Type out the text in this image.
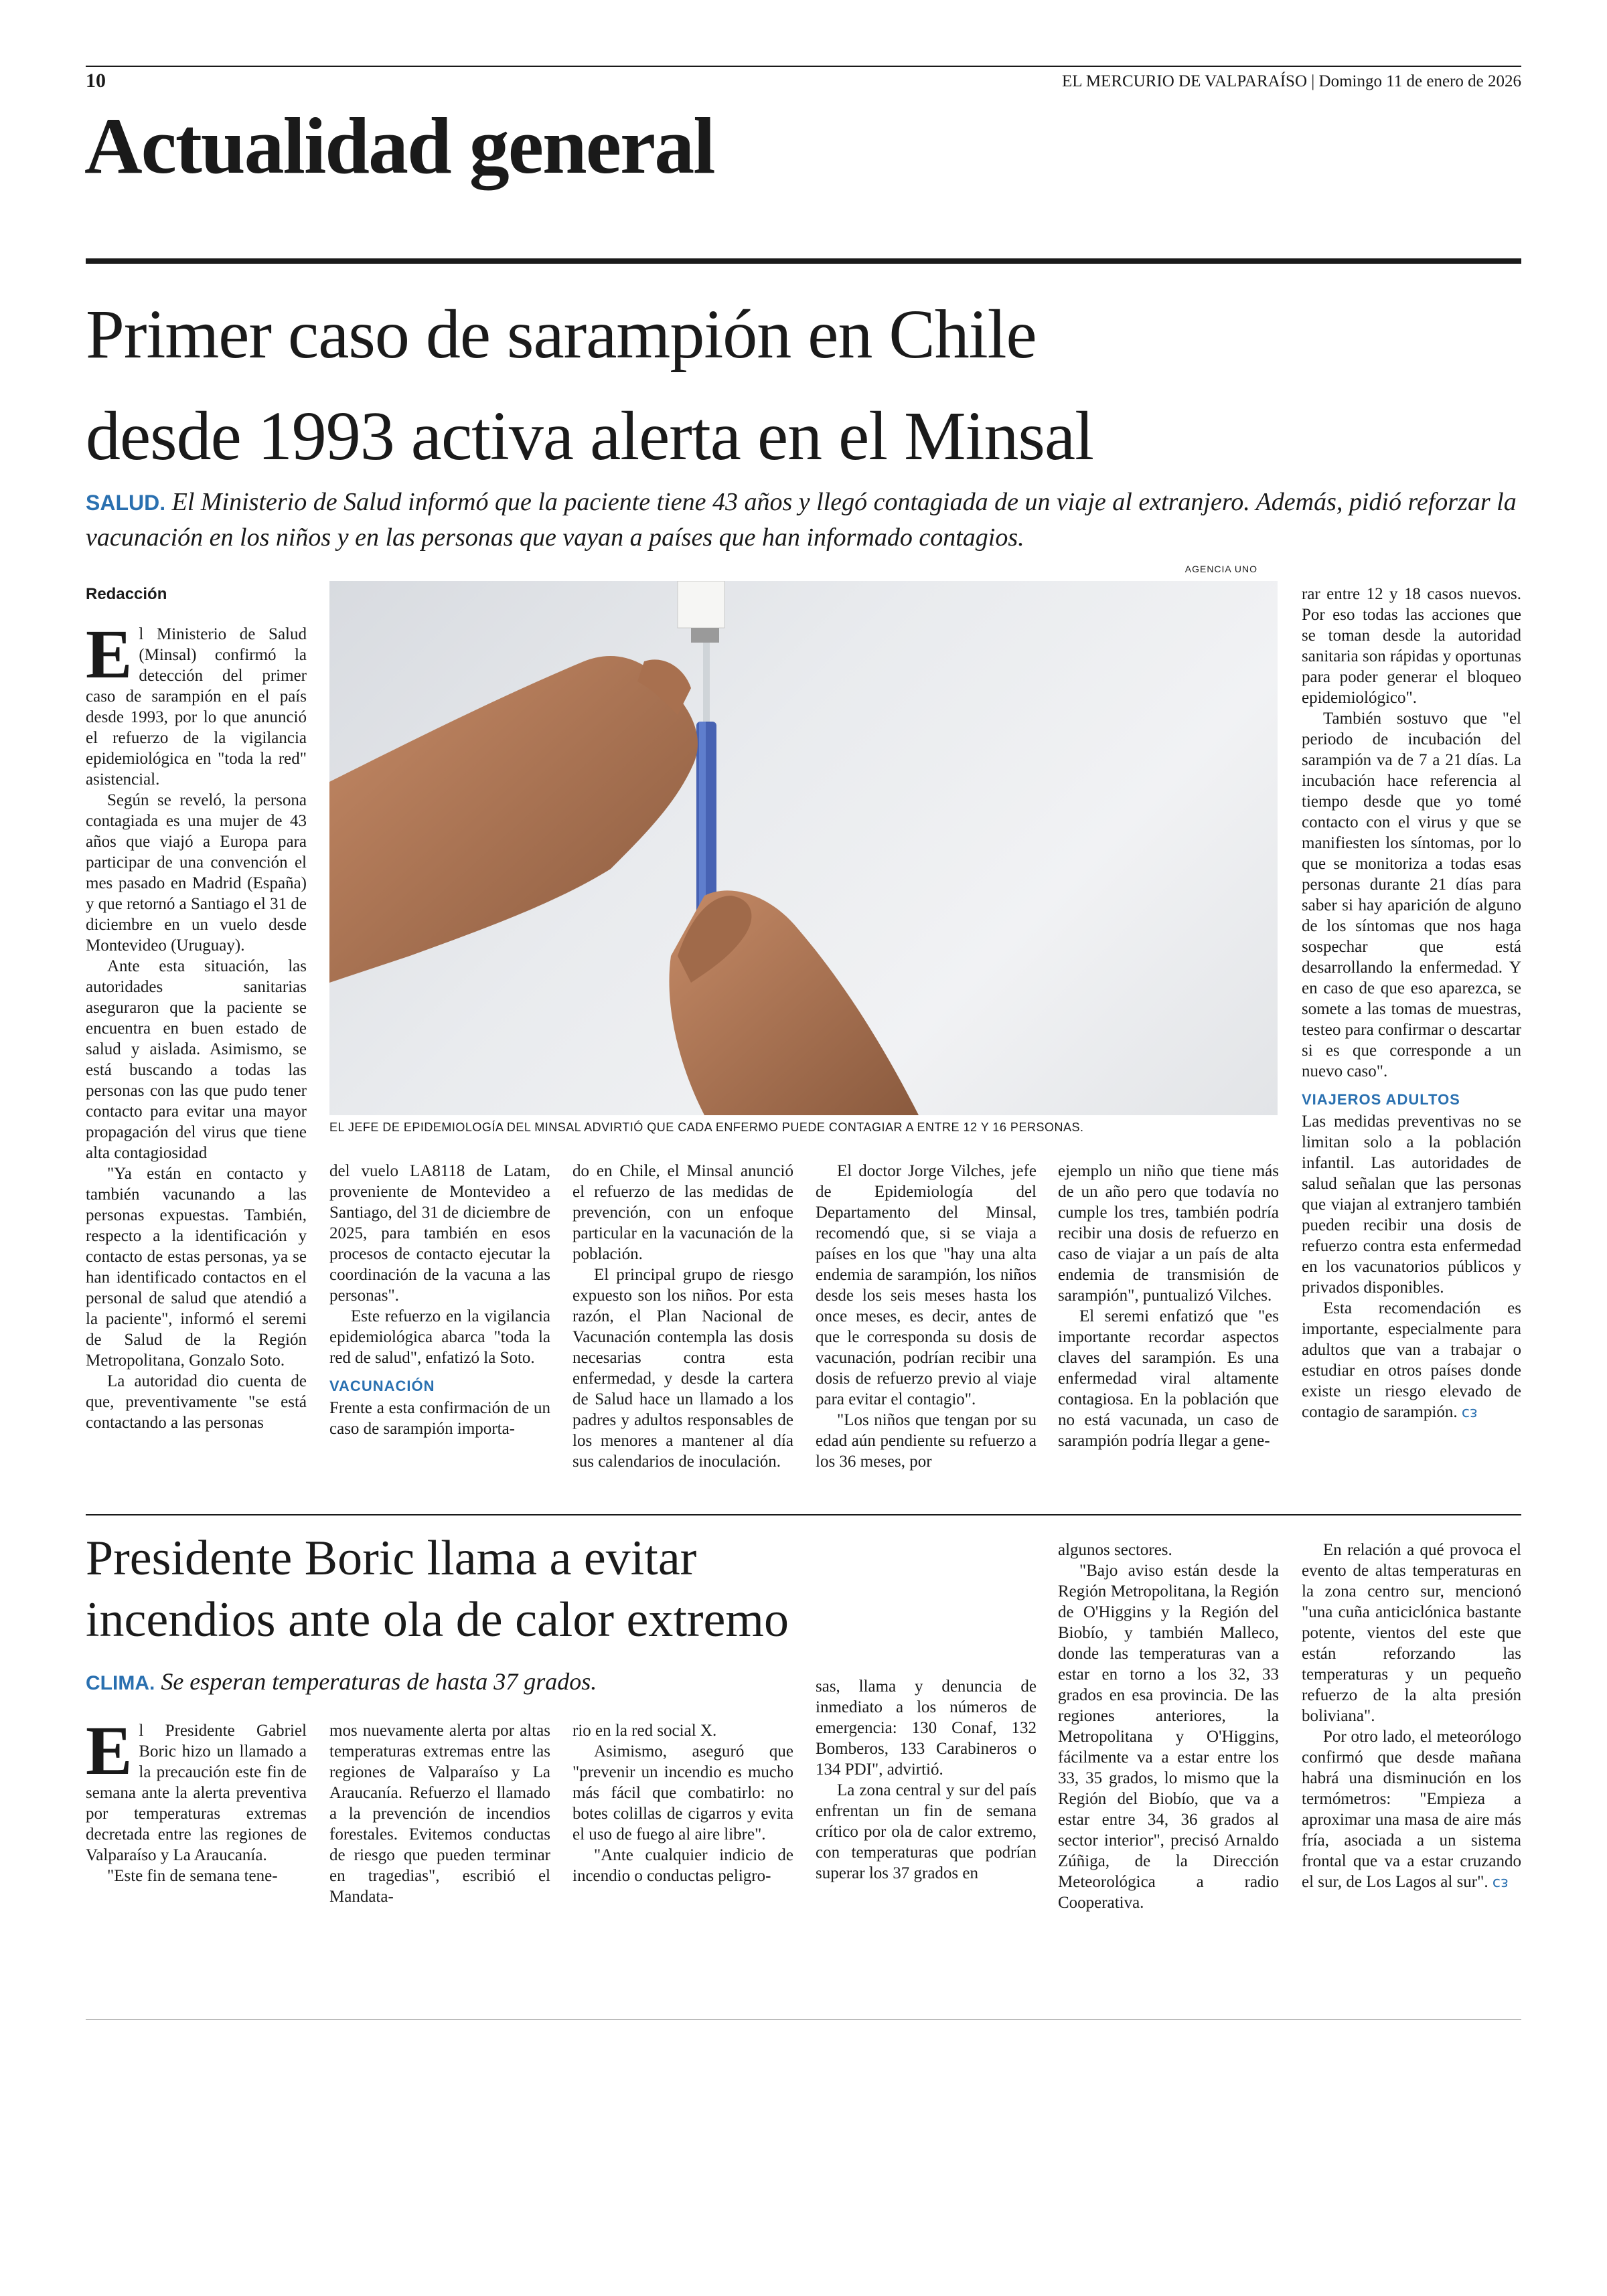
10	EL MERCURIO DE VALPARAÍSO | Domingo 11 de enero de 2026
Actualidad general
Primer caso de sarampión en Chile
desde 1993 activa alerta en el Minsal
SALUD. El Ministerio de Salud informó que la paciente tiene 43 años y llegó contagiada de un viaje al extranjero. Además, pidió reforzar la vacunación en los niños y en las personas que vayan a países que han informado contagios.
AGENCIA UNO
EL JEFE DE EPIDEMIOLOGÍA DEL MINSAL ADVIRTIÓ QUE CADA ENFERMO PUEDE CONTAGIAR A ENTRE 12 Y 16 PERSONAS.
Redacción

El Ministerio de Salud (Minsal) confirmó la detección del primer caso de sarampión en el país desde 1993, por lo que anunció el refuerzo de la vigilancia epidemiológica en "toda la red" asistencial.

Según se reveló, la persona contagiada es una mujer de 43 años que viajó a Europa para participar de una convención el mes pasado en Madrid (España) y que retornó a Santiago el 31 de diciembre en un vuelo desde Montevideo (Uruguay).

Ante esta situación, las autoridades sanitarias aseguraron que la paciente se encuentra en buen estado de salud y aislada. Asimismo, se está buscando a todas las personas con las que pudo tener contacto para evitar una mayor propagación del virus que tiene alta contagiosidad

"Ya están en contacto y también vacunando a las personas expuestas. También, respecto a la identificación y contacto de estas personas, ya se han identificado contactos en el personal de salud que atendió a la paciente", informó el seremi de Salud de la Región Metropolitana, Gonzalo Soto.

La autoridad dio cuenta de que, preventivamente "se está contactando a las personas

del vuelo LA8118 de Latam, proveniente de Montevideo a Santiago, del 31 de diciembre de 2025, para también en esos procesos de contacto ejecutar la coordinación de la vacuna a las personas".

Este refuerzo en la vigilancia epidemiológica abarca "toda la red de salud", enfatizó la Soto.

VACUNACIÓN

Frente a esta confirmación de un caso de sarampión importa-

do en Chile, el Minsal anunció el refuerzo de las medidas de prevención, con un enfoque particular en la vacunación de la población.

El principal grupo de riesgo expuesto son los niños. Por esta razón, el Plan Nacional de Vacunación contempla las dosis necesarias contra esta enfermedad, y desde la cartera de Salud hace un llamado a los padres y adultos responsables de los menores a mantener al día sus calendarios de inoculación.

El doctor Jorge Vilches, jefe de Epidemiología del Departamento del Minsal, recomendó que, si se viaja a países en los que "hay una alta endemia de sarampión, los niños desde los seis meses hasta los once meses, es decir, antes de que le corresponda su dosis de vacunación, podrían recibir una dosis de refuerzo previo al viaje para evitar el contagio".

"Los niños que tengan por su edad aún pendiente su refuerzo a los 36 meses, por

ejemplo un niño que tiene más de un año pero que todavía no cumple los tres, también podría recibir una dosis de refuerzo en caso de viajar a un país de alta endemia de transmisión de sarampión", puntualizó Vilches.

El seremi enfatizó que "es importante recordar aspectos claves del sarampión. Es una enfermedad viral altamente contagiosa. En la población que no está vacunada, un caso de sarampión podría llegar a gene-

rar entre 12 y 18 casos nuevos. Por eso todas las acciones que se toman desde la autoridad sanitaria son rápidas y oportunas para poder generar el bloqueo epidemiológico".

También sostuvo que "el periodo de incubación del sarampión va de 7 a 21 días. La incubación hace referencia al tiempo desde que yo tomé contacto con el virus y que se manifiesten los síntomas, por lo que se monitoriza a todas esas personas durante 21 días para saber si hay aparición de alguno de los síntomas que nos haga sospechar que está desarrollando la enfermedad. Y en caso de que eso aparezca, se somete a las tomas de muestras, testeo para confirmar o descartar si es que corresponde a un nuevo caso".

VIAJEROS ADULTOS

Las medidas preventivas no se limitan solo a la población infantil. Las autoridades de salud señalan que las personas que viajan al extranjero también pueden recibir una dosis de refuerzo contra esta enfermedad en los vacunatorios públicos y privados disponibles.

Esta recomendación es importante, especialmente para adultos que van a trabajar o estudiar en otros países donde existe un riesgo elevado de contagio de sarampión. ᴄᴈ

Presidente Boric llama a evitar
incendios ante ola de calor extremo
CLIMA. Se esperan temperaturas de hasta 37 grados.

El Presidente Gabriel Boric hizo un llamado a la precaución este fin de semana ante la alerta preventiva por temperaturas extremas decretada entre las regiones de Valparaíso y La Araucanía.

"Este fin de semana tene-

mos nuevamente alerta por altas temperaturas extremas entre las regiones de Valparaíso y La Araucanía. Refuerzo el llamado a la prevención de incendios forestales. Evitemos conductas de riesgo que pueden terminar en tragedias", escribió el Mandata-

rio en la red social X.

Asimismo, aseguró que "prevenir un incendio es mucho más fácil que combatirlo: no botes colillas de cigarros y evita el uso de fuego al aire libre".

"Ante cualquier indicio de incendio o conductas peligro-

sas, llama y denuncia de inmediato a los números de emergencia: 130 Conaf, 132 Bomberos, 133 Carabineros o 134 PDI", advirtió.

La zona central y sur del país enfrentan un fin de semana crítico por ola de calor extremo, con temperaturas que podrían superar los 37 grados en

algunos sectores.

"Bajo aviso están desde la Región Metropolitana, la Región de O'Higgins y la Región del Biobío, y también Malleco, donde las temperaturas van a estar en torno a los 32, 33 grados en esa provincia. De las regiones anteriores, la Metropolitana y O'Higgins, fácilmente va a estar entre los 33, 35 grados, lo mismo que la Región del Biobío, que va a estar entre 34, 36 grados al sector interior", precisó Arnaldo Zúñiga, de la Dirección Meteorológica a radio Cooperativa.

En relación a qué provoca el evento de altas temperaturas en la zona centro sur, mencionó "una cuña anticiclónica bastante potente, vientos del este que están reforzando las temperaturas y un pequeño refuerzo de la alta presión boliviana".

Por otro lado, el meteorólogo confirmó que desde mañana habrá una disminución en los termómetros: "Empieza a aproximar una masa de aire más fría, asociada a un sistema frontal que va a estar cruzando el sur, de Los Lagos al sur". ᴄᴈ
